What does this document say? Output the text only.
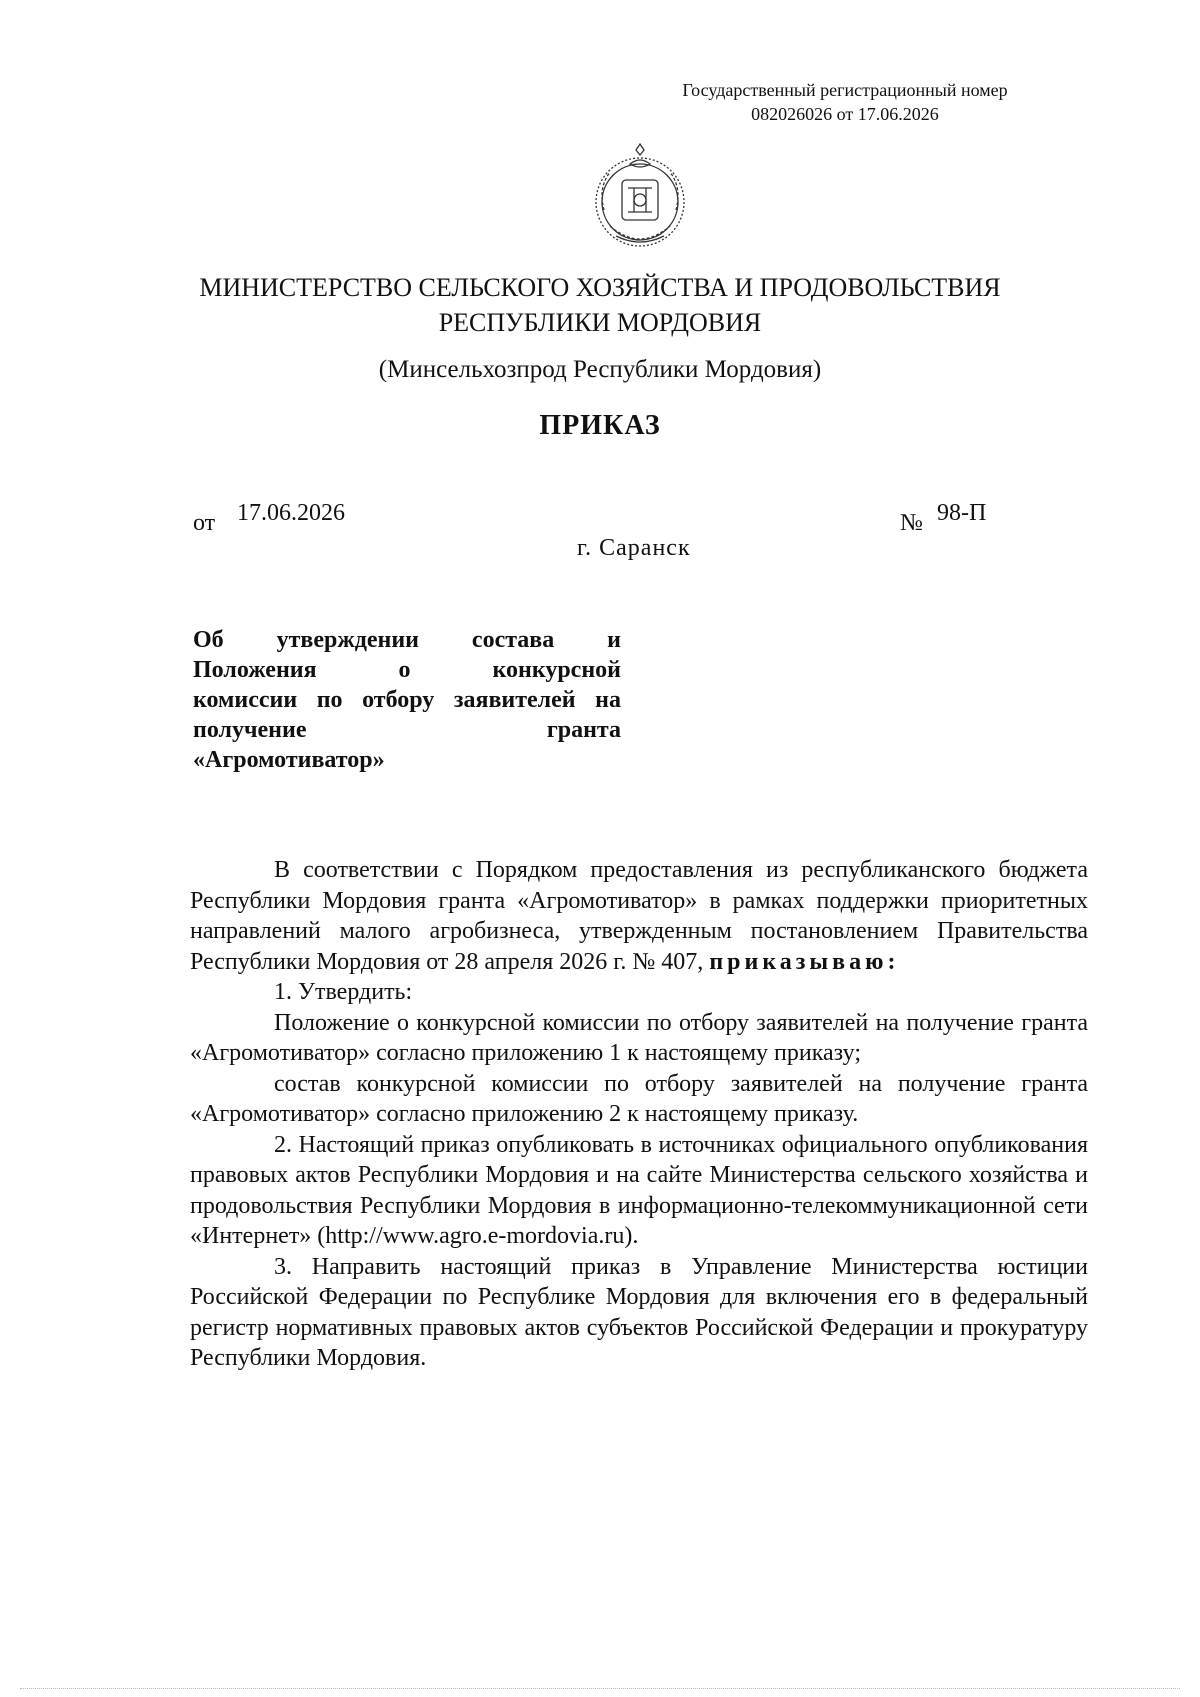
Государственный регистрационный номер
082026026 от 17.06.2026
МИНИСТЕРСТВО СЕЛЬСКОГО ХОЗЯЙСТВА И ПРОДОВОЛЬСТВИЯ
РЕСПУБЛИКИ МОРДОВИЯ
(Минсельхозпрод Республики Мордовия)
ПРИКАЗ
от 17.06.2026	№ 98-П
г. Саранск
Об утверждении состава и
Положения о конкурсной
комиссии по отбору заявителей на
получение гранта
«Агромотиватор»

В соответствии с Порядком предоставления из республиканского бюджета Республики Мордовия гранта «Агромотиватор» в рамках поддержки приоритетных направлений малого агробизнеса, утвержденным постановлением Правительства Республики Мордовия от 28 апреля 2026 г. № 407, приказываю:

1. Утвердить:

Положение о конкурсной комиссии по отбору заявителей на получение гранта «Агромотиватор» согласно приложению 1 к настоящему приказу;

состав конкурсной комиссии по отбору заявителей на получение гранта «Агромотиватор» согласно приложению 2 к настоящему приказу.

2. Настоящий приказ опубликовать в источниках официального опубликования правовых актов Республики Мордовия и на сайте Министерства сельского хозяйства и продовольствия Республики Мордовия в информационно-телекоммуникационной сети «Интернет» (http://www.agro.e-mordovia.ru).

3. Направить настоящий приказ в Управление Министерства юстиции Российской Федерации по Республике Мордовия для включения его в федеральный регистр нормативных правовых актов субъектов Российской Федерации и прокуратуру Республики Мордовия.
